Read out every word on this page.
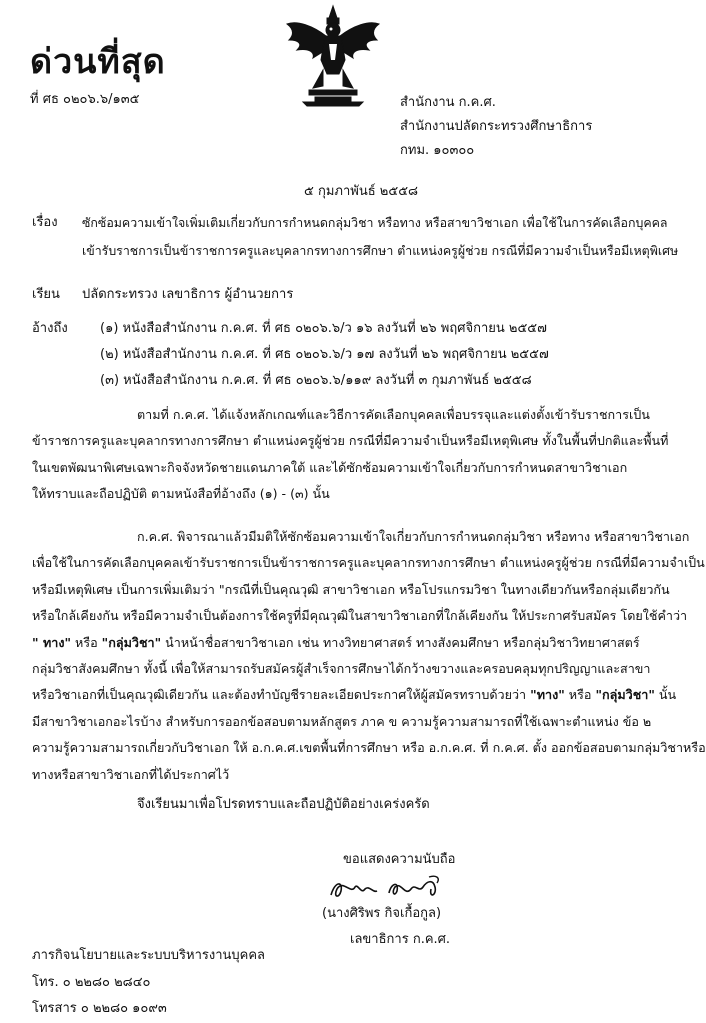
ด่วนที่สุด
ที่ ศธ ๐๒๐๖.๖/๑๓๕	สำนักงาน ก.ค.ศ.
สำนักงานปลัดกระทรวงศึกษาธิการ
กทม. ๑๐๓๐๐
๕ กุมภาพันธ์ ๒๕๕๘
เรื่อง ซักซ้อมความเข้าใจเพิ่มเติมเกี่ยวกับการกำหนดกลุ่มวิชา หรือทาง หรือสาขาวิชาเอก เพื่อใช้ในการคัดเลือกบุคคล
เข้ารับราชการเป็นข้าราชการครูและบุคลากรทางการศึกษา ตำแหน่งครูผู้ช่วย กรณีที่มีความจำเป็นหรือมีเหตุพิเศษ
เรียน ปลัดกระทรวง เลขาธิการ ผู้อำนวยการ
อ้างถึง (๑) หนังสือสำนักงาน ก.ค.ศ. ที่ ศธ ๐๒๐๖.๖/ว ๑๖ ลงวันที่ ๒๖ พฤศจิกายน ๒๕๕๗
(๒) หนังสือสำนักงาน ก.ค.ศ. ที่ ศธ ๐๒๐๖.๖/ว ๑๗ ลงวันที่ ๒๖ พฤศจิกายน ๒๕๕๗
(๓) หนังสือสำนักงาน ก.ค.ศ. ที่ ศธ ๐๒๐๖.๖/๑๑๙ ลงวันที่ ๓ กุมภาพันธ์ ๒๕๕๘
ตามที่ ก.ค.ศ. ได้แจ้งหลักเกณฑ์และวิธีการคัดเลือกบุคคลเพื่อบรรจุและแต่งตั้งเข้ารับราชการเป็น
ข้าราชการครูและบุคลากรทางการศึกษา ตำแหน่งครูผู้ช่วย กรณีที่มีความจำเป็นหรือมีเหตุพิเศษ ทั้งในพื้นที่ปกติและพื้นที่
ในเขตพัฒนาพิเศษเฉพาะกิจจังหวัดชายแดนภาคใต้ และได้ซักซ้อมความเข้าใจเกี่ยวกับการกำหนดสาขาวิชาเอก
ให้ทราบและถือปฏิบัติ ตามหนังสือที่อ้างถึง (๑) - (๓) นั้น
ก.ค.ศ. พิจารณาแล้วมีมติให้ซักซ้อมความเข้าใจเกี่ยวกับการกำหนดกลุ่มวิชา หรือทาง หรือสาขาวิชาเอก
เพื่อใช้ในการคัดเลือกบุคคลเข้ารับราชการเป็นข้าราชการครูและบุคลากรทางการศึกษา ตำแหน่งครูผู้ช่วย กรณีที่มีความจำเป็น
หรือมีเหตุพิเศษ เป็นการเพิ่มเติมว่า "กรณีที่เป็นคุณวุฒิ สาขาวิชาเอก หรือโปรแกรมวิชา ในทางเดียวกันหรือกลุ่มเดียวกัน
หรือใกล้เคียงกัน หรือมีความจำเป็นต้องการใช้ครูที่มีคุณวุฒิในสาขาวิชาเอกที่ใกล้เคียงกัน ให้ประกาศรับสมัคร โดยใช้คำว่า
" ทาง" หรือ "กลุ่มวิชา" นำหน้าชื่อสาขาวิชาเอก เช่น ทางวิทยาศาสตร์ ทางสังคมศึกษา หรือกลุ่มวิชาวิทยาศาสตร์
กลุ่มวิชาสังคมศึกษา ทั้งนี้ เพื่อให้สามารถรับสมัครผู้สำเร็จการศึกษาได้กว้างขวางและครอบคลุมทุกปริญญาและสาขา
หรือวิชาเอกที่เป็นคุณวุฒิเดียวกัน และต้องทำบัญชีรายละเอียดประกาศให้ผู้สมัครทราบด้วยว่า "ทาง" หรือ "กลุ่มวิชา" นั้น
มีสาขาวิชาเอกอะไรบ้าง สำหรับการออกข้อสอบตามหลักสูตร ภาค ข ความรู้ความสามารถที่ใช้เฉพาะตำแหน่ง ข้อ ๒
ความรู้ความสามารถเกี่ยวกับวิชาเอก ให้ อ.ก.ค.ศ.เขตพื้นที่การศึกษา หรือ อ.ก.ค.ศ. ที่ ก.ค.ศ. ตั้ง ออกข้อสอบตามกลุ่มวิชาหรือ
ทางหรือสาขาวิชาเอกที่ได้ประกาศไว้
จึงเรียนมาเพื่อโปรดทราบและถือปฏิบัติอย่างเคร่งครัด
ขอแสดงความนับถือ
(นางศิริพร กิจเกื้อกูล)
เลขาธิการ ก.ค.ศ.
ภารกิจนโยบายและระบบบริหารงานบุคคล
โทร. ๐ ๒๒๘๐ ๒๘๔๐
โทรสาร ๐ ๒๒๘๐ ๑๐๙๓
